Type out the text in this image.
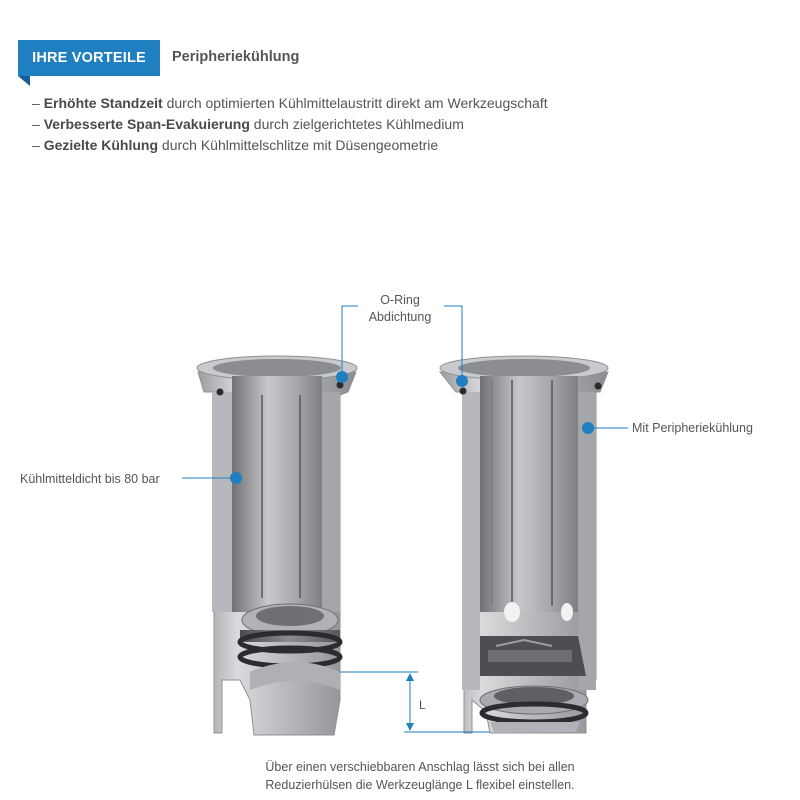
IHRE VORTEILE	Peripheriekühlung
– Erhöhte Standzeit durch optimierten Kühlmittelaustritt direkt am Werkzeugschaft
– Verbesserte Span-Evakuierung durch zielgerichtetes Kühlmedium
– Gezielte Kühlung durch Kühlmittelschlitze mit Düsengeometrie
O-Ring
Abdichtung
Kühlmitteldicht bis 80 bar
Mit Peripheriekühlung
L
Über einen verschiebbaren Anschlag lässt sich bei allen
Reduzierhülsen die Werkzeuglänge L flexibel einstellen.
